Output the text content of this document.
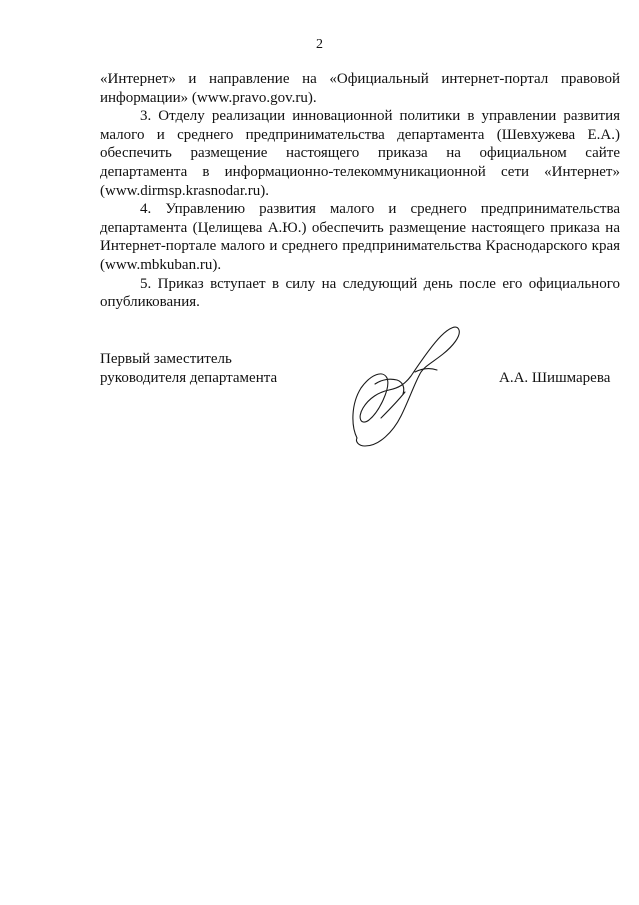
2

«Интернет» и направление на «Официальный интернет-портал правовой информации» (www.pravo.gov.ru).

3. Отделу реализации инновационной политики в управлении развития малого и среднего предпринимательства департамента (Шевхужева Е.А.) обеспечить размещение настоящего приказа на официальном сайте департамента в информационно-телекоммуникационной сети «Интернет» (www.dirmsp.krasnodar.ru).

4. Управлению развития малого и среднего предпринимательства департамента (Целищева А.Ю.) обеспечить размещение настоящего приказа на Интернет-портале малого и среднего предпринимательства Краснодарского края (www.mbkuban.ru).

5. Приказ вступает в силу на следующий день после его официального опубликования.

Первый заместитель
руководителя департамента	А.А. Шишмарева
